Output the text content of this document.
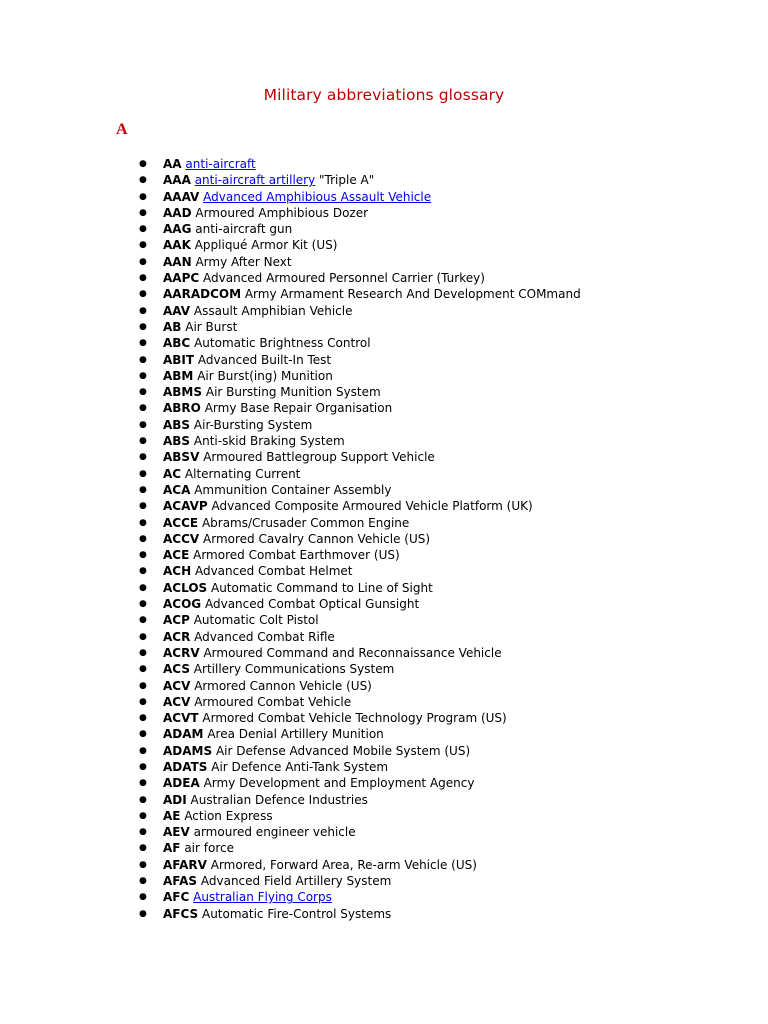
Military abbreviations glossary
A
● AA anti-aircraft
● AAA anti-aircraft artillery "Triple A"
● AAAV Advanced Amphibious Assault Vehicle
● AAD Armoured Amphibious Dozer
● AAG anti-aircraft gun
● AAK Appliqué Armor Kit (US)
● AAN Army After Next
● AAPC Advanced Armoured Personnel Carrier (Turkey)
● AARADCOM Army Armament Research And Development COMmand
● AAV Assault Amphibian Vehicle
● AB Air Burst
● ABC Automatic Brightness Control
● ABIT Advanced Built-In Test
● ABM Air Burst(ing) Munition
● ABMS Air Bursting Munition System
● ABRO Army Base Repair Organisation
● ABS Air-Bursting System
● ABS Anti-skid Braking System
● ABSV Armoured Battlegroup Support Vehicle
● AC Alternating Current
● ACA Ammunition Container Assembly
● ACAVP Advanced Composite Armoured Vehicle Platform (UK)
● ACCE Abrams/Crusader Common Engine
● ACCV Armored Cavalry Cannon Vehicle (US)
● ACE Armored Combat Earthmover (US)
● ACH Advanced Combat Helmet
● ACLOS Automatic Command to Line of Sight
● ACOG Advanced Combat Optical Gunsight
● ACP Automatic Colt Pistol
● ACR Advanced Combat Rifle
● ACRV Armoured Command and Reconnaissance Vehicle
● ACS Artillery Communications System
● ACV Armored Cannon Vehicle (US)
● ACV Armoured Combat Vehicle
● ACVT Armored Combat Vehicle Technology Program (US)
● ADAM Area Denial Artillery Munition
● ADAMS Air Defense Advanced Mobile System (US)
● ADATS Air Defence Anti-Tank System
● ADEA Army Development and Employment Agency
● ADI Australian Defence Industries
● AE Action Express
● AEV armoured engineer vehicle
● AF air force
● AFARV Armored, Forward Area, Re-arm Vehicle (US)
● AFAS Advanced Field Artillery System
● AFC Australian Flying Corps
● AFCS Automatic Fire-Control Systems
